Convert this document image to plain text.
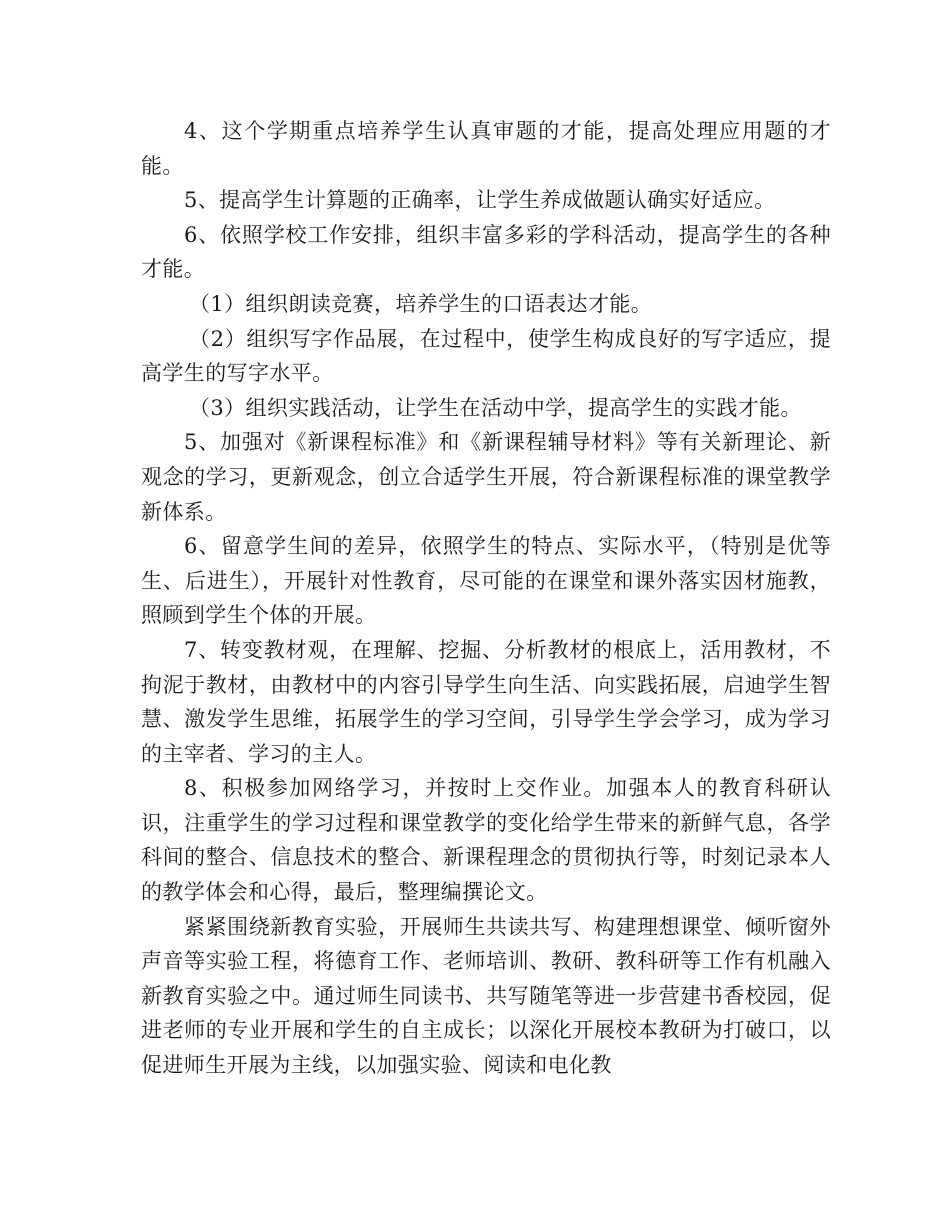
4、这个学期重点培养学生认真审题的才能，提高处理应用题的才能。

5、提高学生计算题的正确率，让学生养成做题认确实好适应。

6、依照学校工作安排，组织丰富多彩的学科活动，提高学生的各种才能。

（1）组织朗读竞赛，培养学生的口语表达才能。

（2）组织写字作品展，在过程中，使学生构成良好的写字适应，提高学生的写字水平。

（3）组织实践活动，让学生在活动中学，提高学生的实践才能。

5、加强对《新课程标准》和《新课程辅导材料》等有关新理论、新观念的学习，更新观念，创立合适学生开展，符合新课程标准的课堂教学新体系。

6、留意学生间的差异，依照学生的特点、实际水平，（特别是优等生、后进生），开展针对性教育，尽可能的在课堂和课外落实因材施教，照顾到学生个体的开展。

7、转变教材观，在理解、挖掘、分析教材的根底上，活用教材，不拘泥于教材，由教材中的内容引导学生向生活、向实践拓展，启迪学生智慧、激发学生思维，拓展学生的学习空间，引导学生学会学习，成为学习的主宰者、学习的主人。

8、积极参加网络学习，并按时上交作业。加强本人的教育科研认识，注重学生的学习过程和课堂教学的变化给学生带来的新鲜气息，各学科间的整合、信息技术的整合、新课程理念的贯彻执行等，时刻记录本人的教学体会和心得，最后，整理编撰论文。

紧紧围绕新教育实验，开展师生共读共写、构建理想课堂、倾听窗外声音等实验工程，将德育工作、老师培训、教研、教科研等工作有机融入新教育实验之中。通过师生同读书、共写随笔等进一步营建书香校园，促进老师的专业开展和学生的自主成长；以深化开展校本教研为打破口，以促进师生开展为主线，以加强实验、阅读和电化教
